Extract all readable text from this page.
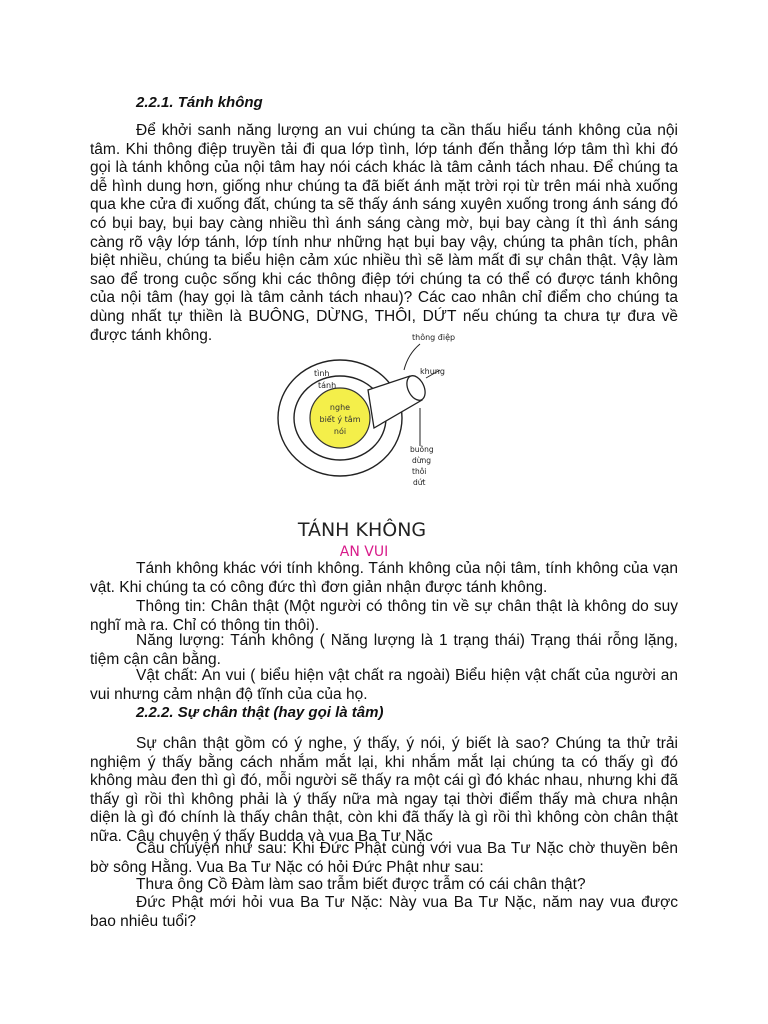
2.2.1. Tánh không

Để khởi sanh năng lượng an vui chúng ta cần thấu hiểu tánh không của nội tâm. Khi thông điệp truyền tải đi qua lớp tình, lớp tánh đến thẳng lớp tâm thì khi đó gọi là tánh không của nội tâm hay nói cách khác là tâm cảnh tách nhau. Để chúng ta dễ hình dung hơn, giống như chúng ta đã biết ánh mặt trời rọi từ trên mái nhà xuống qua khe cửa đi xuống đất, chúng ta sẽ thấy ánh sáng xuyên xuống trong ánh sáng đó có bụi bay, bụi bay càng nhiều thì ánh sáng càng mờ, bụi bay càng ít thì ánh sáng càng rõ vậy lớp tánh, lớp tính như những hạt bụi bay vậy, chúng ta phân tích, phân biệt nhiều, chúng ta biểu hiện cảm xúc nhiều thì sẽ làm mất đi sự chân thật. Vậy làm sao để trong cuộc sống khi các thông điệp tới chúng ta có thể có được tánh không của nội tâm (hay gọi là tâm cảnh tách nhau)? Các cao nhân chỉ điểm cho chúng ta dùng nhất tự thiền là BUÔNG, DỪNG, THÔI, DỨT nếu chúng ta chưa tự đưa về được tánh không.	thông điệp
tình
tánh
nghe
biết ý tâm
nói
khung
buông
dừng
thôi
dứt
TÁNH KHÔNG
AN VUI

Tánh không khác với tính không. Tánh không của nội tâm, tính không của vạn vật. Khi chúng ta có công đức thì đơn giản nhận được tánh không.

Thông tin: Chân thật (Một người có thông tin về sự chân thật là không do suy nghĩ mà ra. Chỉ có thông tin thôi).

Năng lượng: Tánh không ( Năng lượng là 1 trạng thái) Trạng thái rỗng lặng, tiệm cận cân bằng.

Vật chất: An vui ( biểu hiện vật chất ra ngoài) Biểu hiện vật chất của người an vui nhưng cảm nhận độ tĩnh của của họ.

2.2.2. Sự chân thật (hay gọi là tâm)

Sự chân thật gồm có ý nghe, ý thấy, ý nói, ý biết là sao? Chúng ta thử trải nghiệm ý thấy bằng cách nhắm mắt lại, khi nhắm mắt lại chúng ta có thấy gì đó không màu đen thì gì đó, mỗi người sẽ thấy ra một cái gì đó khác nhau, nhưng khi đã thấy gì rồi thì không phải là ý thấy nữa mà ngay tại thời điểm thấy mà chưa nhận diện là gì đó chính là thấy chân thật, còn khi đã thấy là gì rồi thì không còn chân thật nữa. Câu chuyện ý thấy Budda và vua Ba Tư Nặc

Câu chuyện như sau: Khi Đức Phật cùng với vua Ba Tư Nặc chờ thuyền bên bờ sông Hằng. Vua Ba Tư Nặc có hỏi Đức Phật như sau:

Thưa ông Cồ Đàm làm sao trẫm biết được trẫm có cái chân thật?

Đức Phật mới hỏi vua Ba Tư Nặc: Này vua Ba Tư Nặc, năm nay vua được bao nhiêu tuổi?
